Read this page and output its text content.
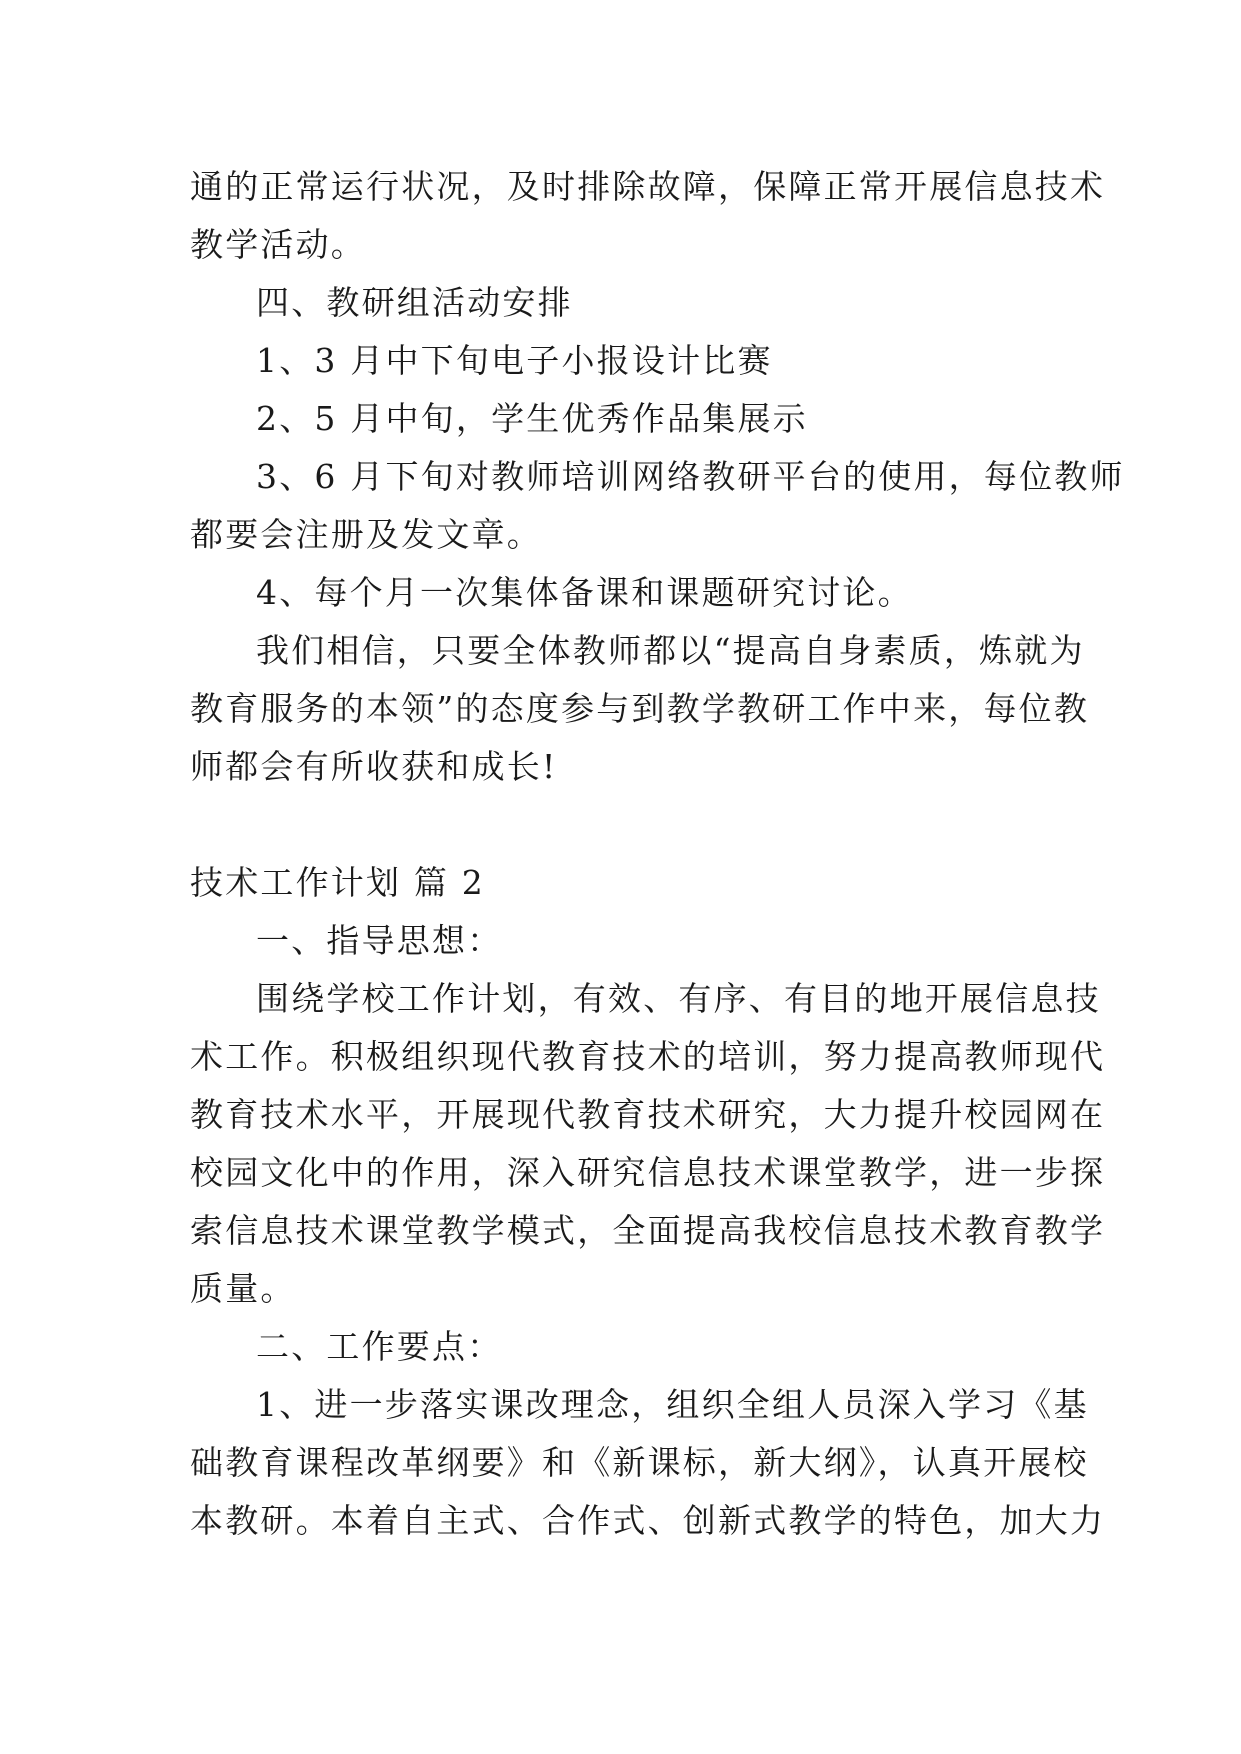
通的正常运行状况，及时排除故障，保障正常开展信息技术
教学活动。
四、教研组活动安排
1、3 月中下旬电子小报设计比赛
2、5 月中旬，学生优秀作品集展示
3、6 月下旬对教师培训网络教研平台的使用，每位教师
都要会注册及发文章。
4、每个月一次集体备课和课题研究讨论。
我们相信，只要全体教师都以“提高自身素质，炼就为
教育服务的本领”的态度参与到教学教研工作中来，每位教
师都会有所收获和成长!
技术工作计划 篇 2
一、指导思想：
围绕学校工作计划，有效、有序、有目的地开展信息技
术工作。积极组织现代教育技术的培训，努力提高教师现代
教育技术水平，开展现代教育技术研究，大力提升校园网在
校园文化中的作用，深入研究信息技术课堂教学，进一步探
索信息技术课堂教学模式，全面提高我校信息技术教育教学
质量。
二、工作要点：
1、进一步落实课改理念，组织全组人员深入学习《基
础教育课程改革纲要》和《新课标，新大纲》，认真开展校
本教研。本着自主式、合作式、创新式教学的特色，加大力
